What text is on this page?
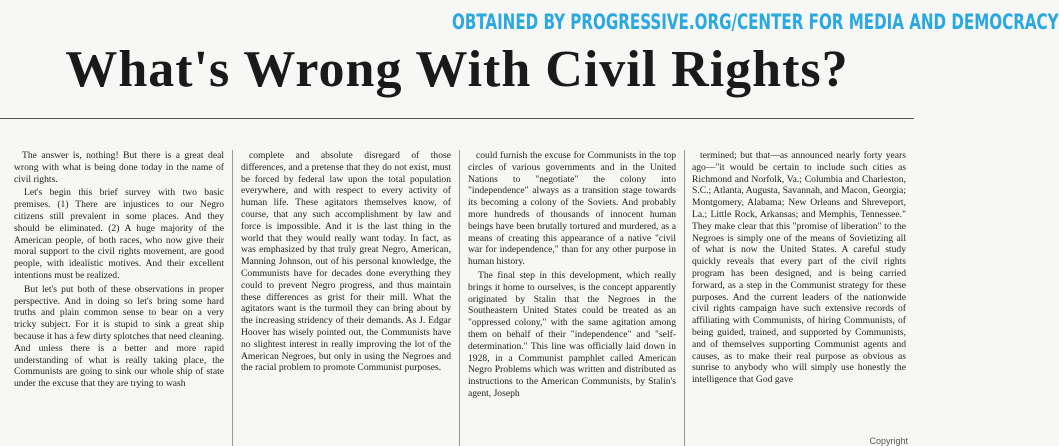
OBTAINED BY PROGRESSIVE.ORG/CENTER FOR MEDIA AND DEMOCRACY
What's Wrong With Civil Rights?

The answer is, nothing! But there is a great deal wrong with what is being done today in the name of civil rights.

Let's begin this brief survey with two basic premises. (1) There are injustices to our Negro citizens still prevalent in some places. And they should be eliminated. (2) A huge majority of the American people, of both races, who now give their moral support to the civil rights movement, are good people, with idealistic motives. And their excellent intentions must be realized.

But let's put both of these observations in proper perspective. And in doing so let's bring some hard truths and plain common sense to bear on a very tricky subject. For it is stupid to sink a great ship because it has a few dirty splotches that need cleaning. And unless there is a better and more rapid understanding of what is really taking place, the Communists are going to sink our whole ship of state under the excuse that they are trying to wash

complete and absolute disregard of those differences, and a pretense that they do not exist, must be forced by federal law upon the total population everywhere, and with respect to every activity of human life. These agitators themselves know, of course, that any such accomplishment by law and force is impossible. And it is the last thing in the world that they would really want today. In fact, as was emphasized by that truly great Negro, American, Manning Johnson, out of his personal knowledge, the Communists have for decades done everything they could to prevent Negro progress, and thus maintain these differences as grist for their mill. What the agitators want is the turmoil they can bring about by the increasing stridency of their demands. As J. Edgar Hoover has wisely pointed out, the Communists have no slightest interest in really improving the lot of the American Negroes, but only in using the Negroes and the racial problem to promote Communist purposes.

could furnish the excuse for Communists in the top circles of various governments and in the United Nations to "negotiate" the colony into "independence" always as a transition stage towards its becoming a colony of the Soviets. And probably more hundreds of thousands of innocent human beings have been brutally tortured and murdered, as a means of creating this appearance of a native "civil war for independence," than for any other purpose in human history.

The final step in this development, which really brings it home to ourselves, is the concept apparently originated by Stalin that the Negroes in the Southeastern United States could be treated as an "oppressed colony," with the same agitation among them on behalf of their "independence" and "self-determination." This line was officially laid down in 1928, in a Communist pamphlet called American Negro Problems which was written and distributed as instructions to the American Communists, by Stalin's agent, Joseph

termined; but that—as announced nearly forty years ago—"it would be certain to include such cities as Richmond and Norfolk, Va.; Columbia and Charleston, S.C.; Atlanta, Augusta, Savannah, and Macon, Georgia; Montgomery, Alabama; New Orleans and Shreveport, La.; Little Rock, Arkansas; and Memphis, Tennessee." They make clear that this "promise of liberation" to the Negroes is simply one of the means of Sovietizing all of what is now the United States. A careful study quickly reveals that every part of the civil rights program has been designed, and is being carried forward, as a step in the Communist strategy for these purposes. And the current leaders of the nationwide civil rights campaign have such extensive records of affiliating with Communists, of hiring Communists, of being guided, trained, and supported by Communists, and of themselves supporting Communist agents and causes, as to make their real purpose as obvious as sunrise to anybody who will simply use honestly the intelligence that God gave

Copyright
